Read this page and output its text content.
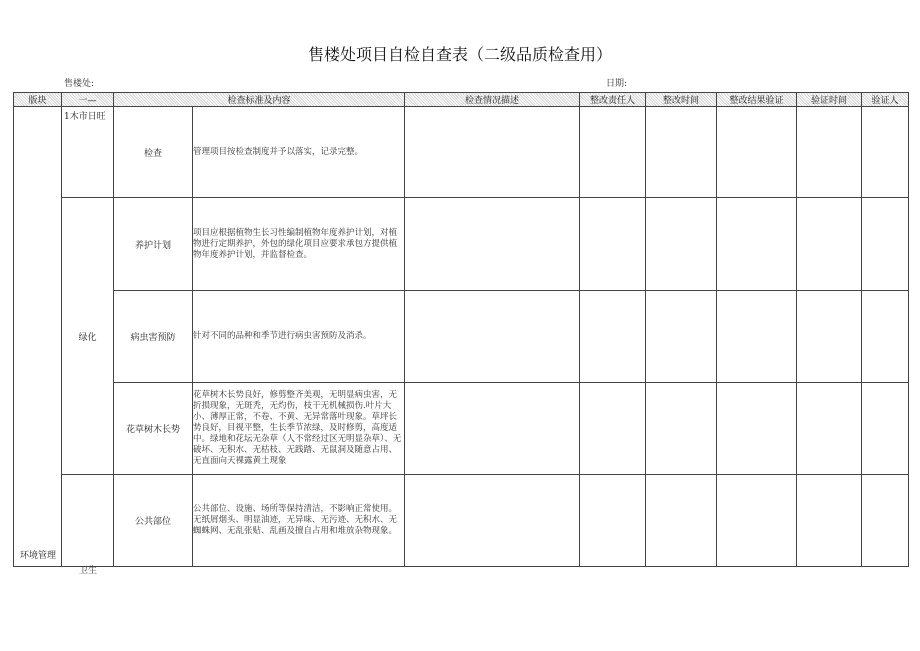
售楼处项目自检自查表（二级品质检查用）
售楼处:	日期:
版块	一—	检查标准及内容		检查情况描述	整改责任人	整改时间	整改结果验证	验证时间	验证人

环境管理	1木市日旺	检查	管理项目按检查制度并予以落实，记录完整。						
	绿化	养护计划	项目应根据植物生长习性编制植物年度养护计划，对植物进行定期养护，外包的绿化项目应要求承包方提供植物年度养护计划，并监督检查。						
		病虫害预防	针对不同的品种和季节进行病虫害预防及消杀。						
		花草树木长势	花草树木长势良好，修剪整齐美观，无明显病虫害，无折损现象，无斑秃，无灼伤，枝干无机械损伤.叶片大小、薄厚正常，不卷、不黄、无异常落叶现象。草坪长势良好，目视平整，生长季节浓绿，及时修剪，高度适中。绿地和花坛无杂草（人不常经过区无明显杂草）、无破坏、无积水、无枯枝、无践踏、无鼠洞及随意占用、无直面向天裸露黄土现象						
		公共部位	公共部位、设施、场所等保持清洁，不影响正常使用。无纸屑烟头、明显油迹，无异味、无污迹、无积水、无蜘蛛网、无乱张贴、乱画及擅自占用和堆放杂物现象。						
卫生
